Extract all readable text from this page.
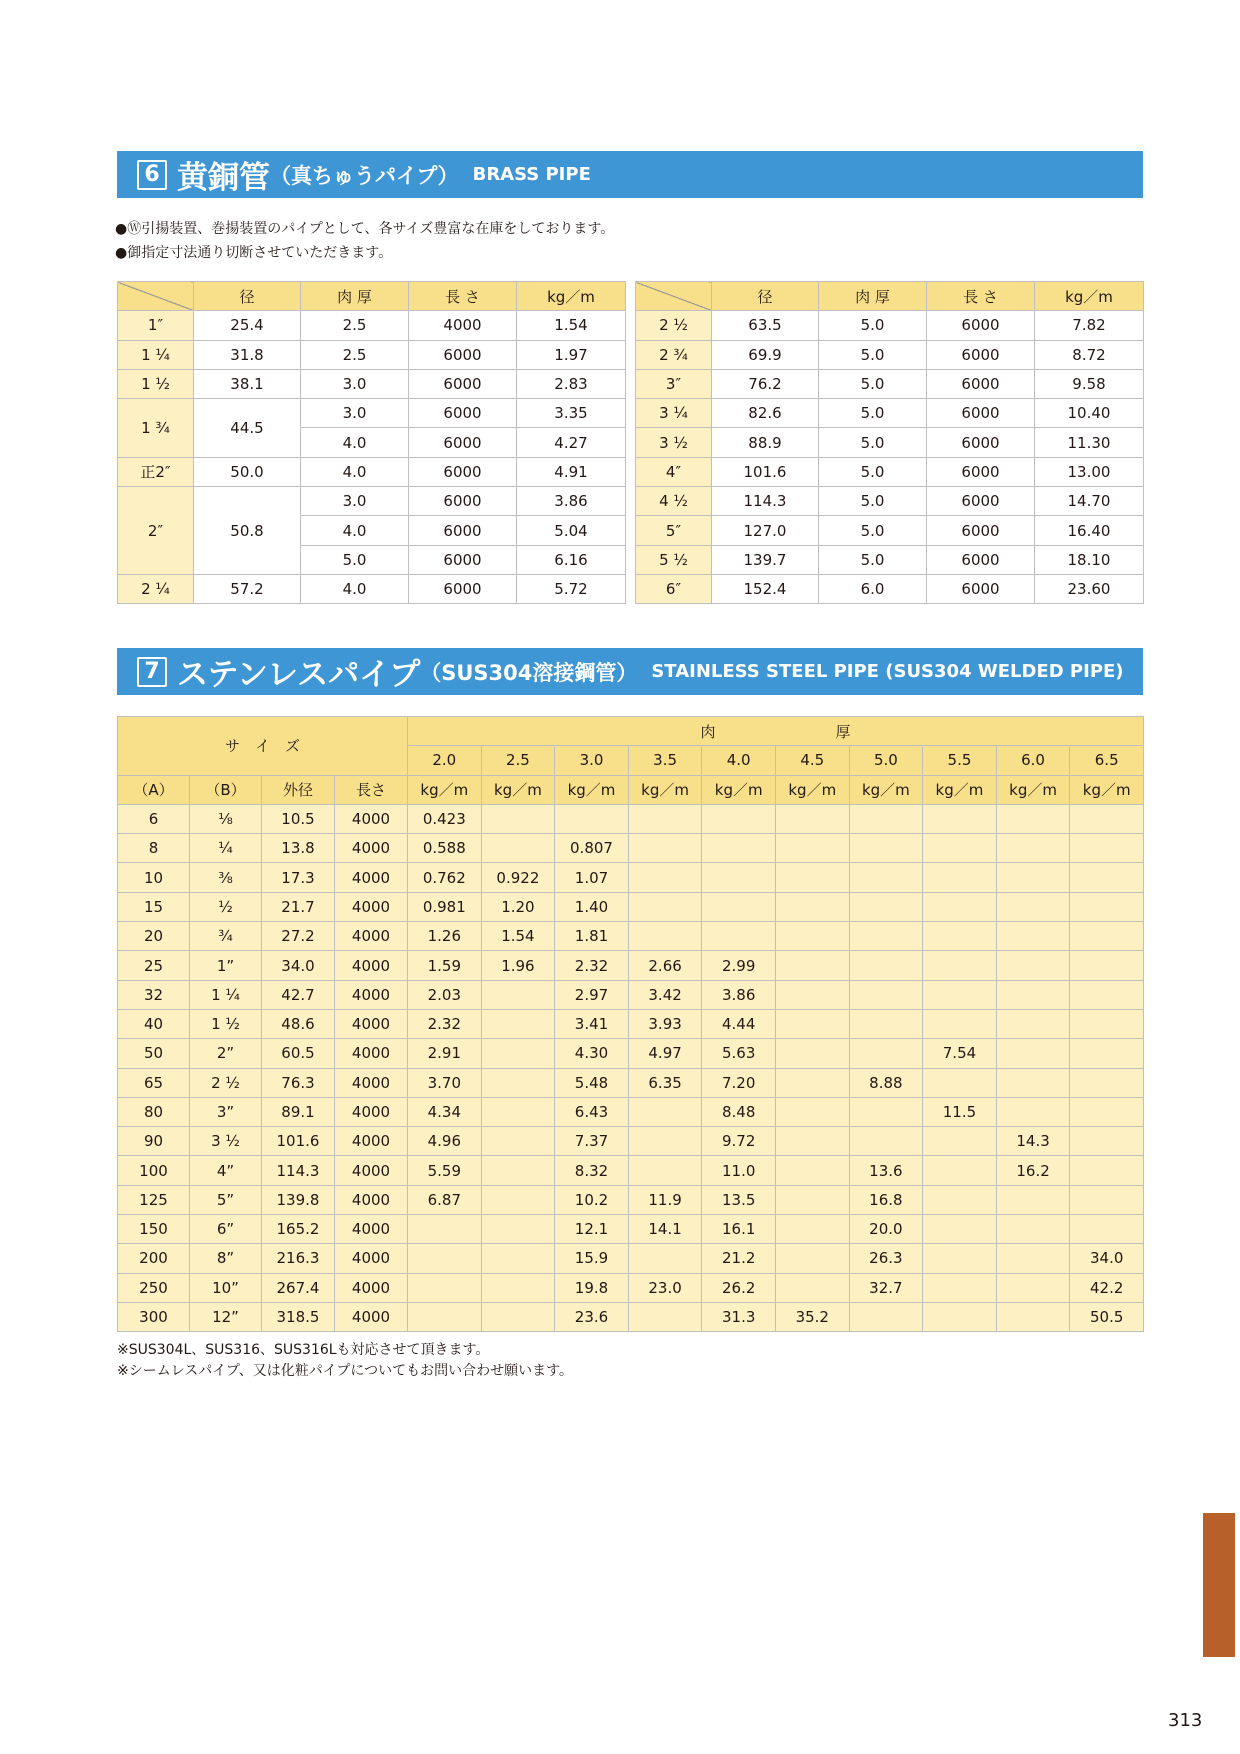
6 黄銅管 （真ちゅうパイプ） BRASS PIPE
●Ⓦ引揚装置、巻揚装置のパイプとして、各サイズ豊富な在庫をしております。
●御指定寸法通り切断させていただきます。
	径	肉 厚	長 さ	kg／m
1″	25.4	2.5	4000	1.54
1 ¼	31.8	2.5	6000	1.97
1 ½	38.1	3.0	6000	2.83
1 ¾	44.5	3.0	6000	3.35
		4.0	6000	4.27
正2″	50.0	4.0	6000	4.91
2″	50.8	3.0	6000	3.86
		4.0	6000	5.04
		5.0	6000	6.16
2 ¼	57.2	4.0	6000	5.72
	径	肉 厚	長 さ	kg／m
2 ½	63.5	5.0	6000	7.82
2 ¾	69.9	5.0	6000	8.72
3″	76.2	5.0	6000	9.58
3 ¼	82.6	5.0	6000	10.40
3 ½	88.9	5.0	6000	11.30
4″	101.6	5.0	6000	13.00
4 ½	114.3	5.0	6000	14.70
5″	127.0	5.0	6000	16.40
5 ½	139.7	5.0	6000	18.10
6″	152.4	6.0	6000	23.60
7 ステンレスパイプ （SUS304溶接鋼管） STAINLESS STEEL PIPE (SUS304 WELDED PIPE)
サ　イ　ズ				肉　　　　　　　　厚									
				2.0	2.5	3.0	3.5	4.0	4.5	5.0	5.5	6.0	6.5
（A）	（B）	外径	長さ	kg／m	kg／m	kg／m	kg／m	kg／m	kg／m	kg／m	kg／m	kg／m	kg／m
6	⅛	10.5	4000	0.423									
8	¼	13.8	4000	0.588		0.807							
10	⅜	17.3	4000	0.762	0.922	1.07							
15	½	21.7	4000	0.981	1.20	1.40							
20	¾	27.2	4000	1.26	1.54	1.81							
25	1”	34.0	4000	1.59	1.96	2.32	2.66	2.99					
32	1 ¼	42.7	4000	2.03		2.97	3.42	3.86					
40	1 ½	48.6	4000	2.32		3.41	3.93	4.44					
50	2”	60.5	4000	2.91		4.30	4.97	5.63			7.54		
65	2 ½	76.3	4000	3.70		5.48	6.35	7.20		8.88			
80	3”	89.1	4000	4.34		6.43		8.48			11.5		
90	3 ½	101.6	4000	4.96		7.37		9.72				14.3	
100	4”	114.3	4000	5.59		8.32		11.0		13.6		16.2	
125	5”	139.8	4000	6.87		10.2	11.9	13.5		16.8			
150	6”	165.2	4000			12.1	14.1	16.1		20.0			
200	8”	216.3	4000			15.9		21.2		26.3			34.0
250	10”	267.4	4000			19.8	23.0	26.2		32.7			42.2
300	12”	318.5	4000			23.6		31.3	35.2				50.5
※SUS304L、SUS316、SUS316Lも対応させて頂きます。
※シームレスパイプ、又は化粧パイプについてもお問い合わせ願います。
313
